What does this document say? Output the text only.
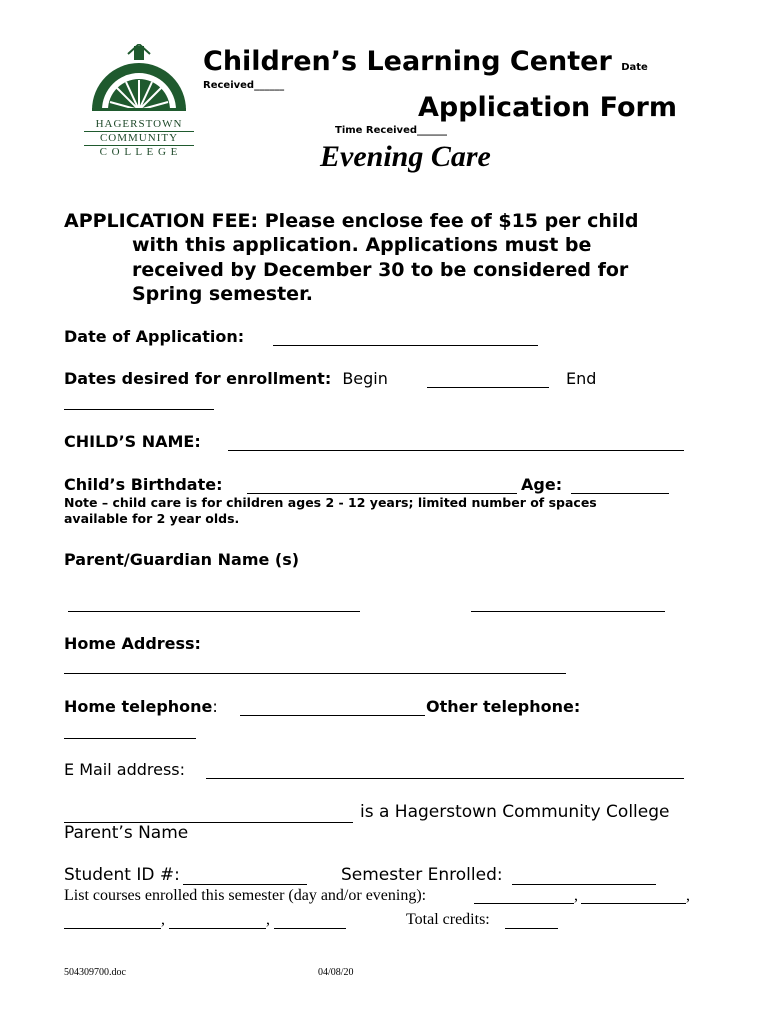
HAGERSTOWN
COMMUNITY
C O L L E G E
Children’s Learning Center Date
Received______
Application Form
Time Received______
Evening Care
APPLICATION FEE: Please enclose fee of $15 per child
with this application. Applications must be
received by December 30 to be considered for
Spring semester.
Date of Application:
Dates desired for enrollment: Begin	End
CHILD’S NAME:
Child’s Birthdate:	Age:
Note – child care is for children ages 2 - 12 years; limited number of spaces
available for 2 year olds.
Parent/Guardian Name (s)
Home Address:
Home telephone:	Other telephone:
E Mail address:
is a Hagerstown Community College
Parent’s Name
Student ID #:	Semester Enrolled:
List courses enrolled this semester (day and/or evening):	,	,
,	,	Total credits:
504309700.doc	04/08/20
